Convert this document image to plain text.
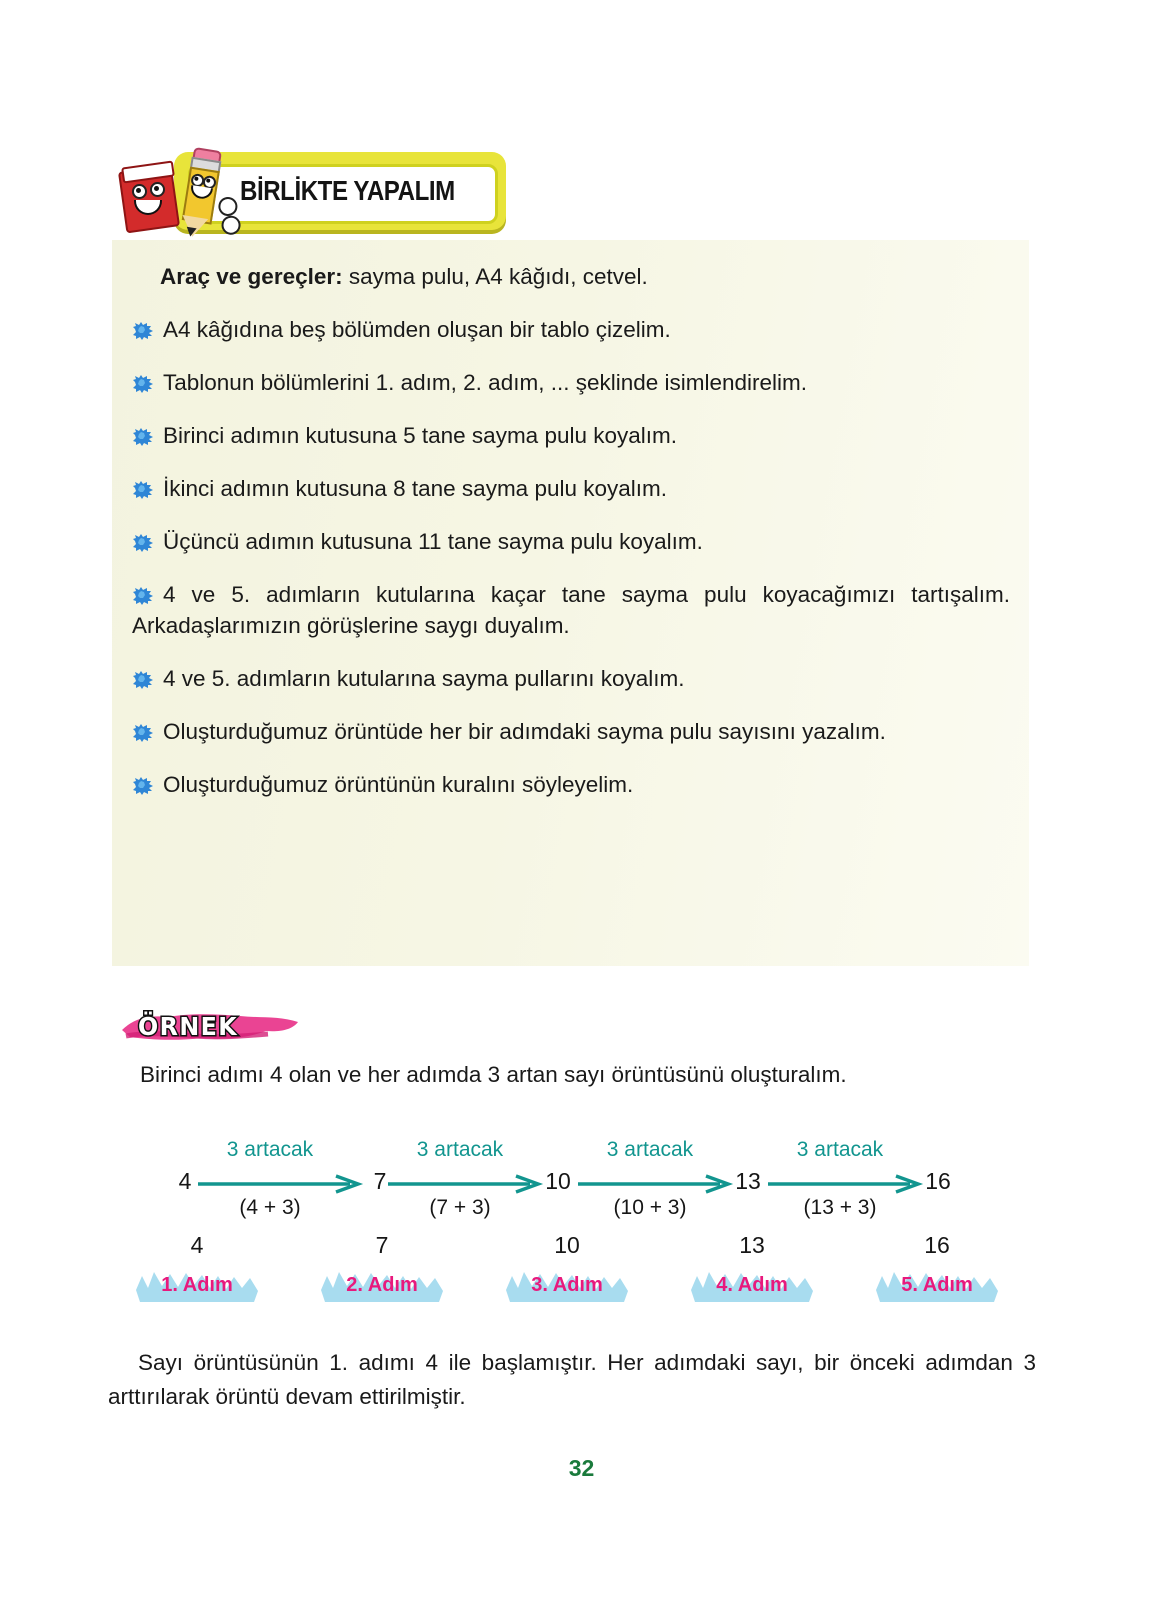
BİRLİKTE YAPALIM

Araç ve gereçler: sayma pulu, A4 kâğıdı, cetvel.

A4 kâğıdına beş bölümden oluşan bir tablo çizelim.
Tablonun bölümlerini 1. adım, 2. adım, ... şeklinde isimlendirelim.
Birinci adımın kutusuna 5 tane sayma pulu koyalım.
İkinci adımın kutusuna 8 tane sayma pulu koyalım.
Üçüncü adımın kutusuna 11 tane sayma pulu koyalım.
4 ve 5. adımların kutularına kaçar tane sayma pulu koyacağımızı tartışalım. Arkadaşlarımızın görüşlerine saygı duyalım.
4 ve 5. adımların kutularına sayma pullarını koyalım.
Oluşturduğumuz örüntüde her bir adımdaki sayma pulu sayısını yazalım.
Oluşturduğumuz örüntünün kuralını söyleyelim.
ÖRNEK
Birinci adımı 4 olan ve her adımda 3 artan sayı örüntüsünü oluşturalım.
4	7	10	13	16
3 artacak	3 artacak	3 artacak	3 artacak
(4 + 3)	(7 + 3)	(10 + 3)	(13 + 3)
4	7	10	13	16
1. Adım	2. Adım	3. Adım	4. Adım	5. Adım
Sayı örüntüsünün 1. adımı 4 ile başlamıştır. Her adımdaki sayı, bir önceki adımdan 3 arttırılarak örüntü devam ettirilmiştir.
32
